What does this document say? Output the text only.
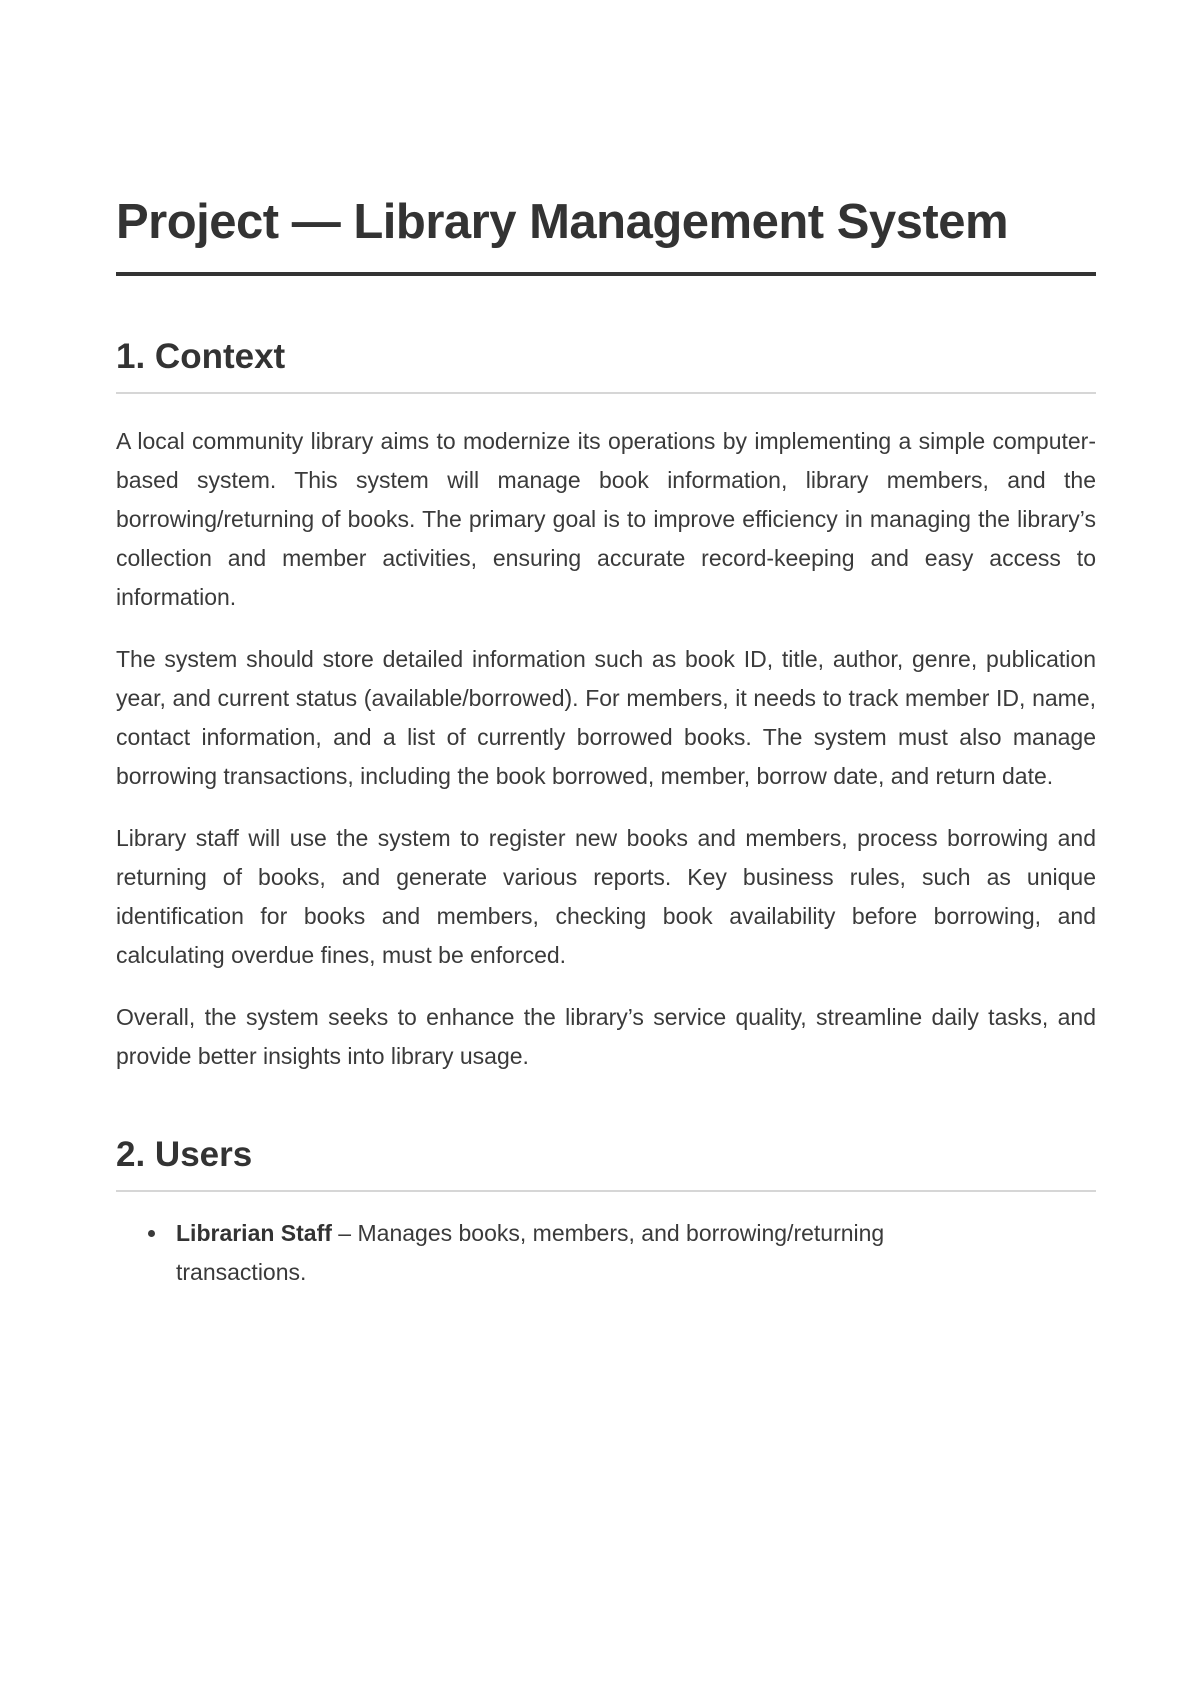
Project — Library Management System
1. Context

A local community library aims to modernize its operations by implementing a simple computer-based system. This system will manage book information, library members, and the borrowing/returning of books. The primary goal is to improve efficiency in managing the library’s collection and member activities, ensuring accurate record-keeping and easy access to information.

The system should store detailed information such as book ID, title, author, genre, publication year, and current status (available/borrowed). For members, it needs to track member ID, name, contact information, and a list of currently borrowed books. The system must also manage borrowing transactions, including the book borrowed, member, borrow date, and return date.

Library staff will use the system to register new books and members, process borrowing and returning of books, and generate various reports. Key business rules, such as unique identification for books and members, checking book availability before borrowing, and calculating overdue fines, must be enforced.

Overall, the system seeks to enhance the library’s service quality, streamline daily tasks, and provide better insights into library usage.

2. Users
Librarian Staff – Manages books, members, and borrowing/returning transactions.
